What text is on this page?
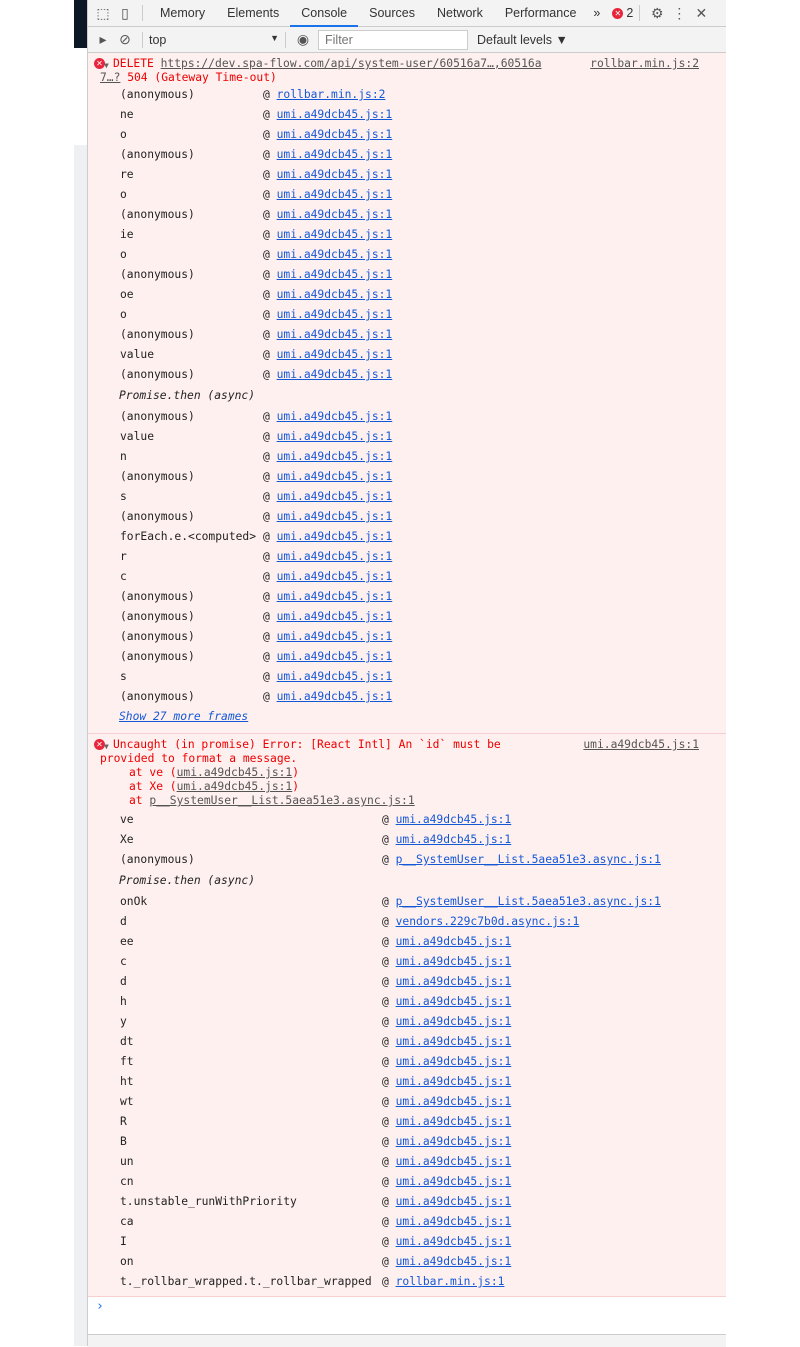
⬚ ▯	Memory	Elements	Console	Sources	Network	Performance	»	✕ 2	⚙ ⋮ ✕
▸ ⊘	top	▼	◉
Filter	Default levels ▼
✕ ▼ DELETE https://dev.spa-flow.com/api/system-user/60516a7…,60516a
7…? 504 (Gateway Time-out)
rollbar.min.js:2
(anonymous)	@ rollbar.min.js:2
ne	@ umi.a49dcb45.js:1
o	@ umi.a49dcb45.js:1
(anonymous)	@ umi.a49dcb45.js:1
re	@ umi.a49dcb45.js:1
o	@ umi.a49dcb45.js:1
(anonymous)	@ umi.a49dcb45.js:1
ie	@ umi.a49dcb45.js:1
o	@ umi.a49dcb45.js:1
(anonymous)	@ umi.a49dcb45.js:1
oe	@ umi.a49dcb45.js:1
o	@ umi.a49dcb45.js:1
(anonymous)	@ umi.a49dcb45.js:1
value	@ umi.a49dcb45.js:1
(anonymous)	@ umi.a49dcb45.js:1
Promise.then (async)
(anonymous)	@ umi.a49dcb45.js:1
value	@ umi.a49dcb45.js:1
n	@ umi.a49dcb45.js:1
(anonymous)	@ umi.a49dcb45.js:1
s	@ umi.a49dcb45.js:1
(anonymous)	@ umi.a49dcb45.js:1
forEach.e.<computed> @ umi.a49dcb45.js:1
r	@ umi.a49dcb45.js:1
c	@ umi.a49dcb45.js:1
(anonymous)	@ umi.a49dcb45.js:1
(anonymous)	@ umi.a49dcb45.js:1
(anonymous)	@ umi.a49dcb45.js:1
(anonymous)	@ umi.a49dcb45.js:1
s	@ umi.a49dcb45.js:1
(anonymous)	@ umi.a49dcb45.js:1
Show 27 more frames
✕ ▼ Uncaught (in promise) Error: [React Intl] An `id` must be
provided to format a message.
at ve (umi.a49dcb45.js:1)
at Xe (umi.a49dcb45.js:1)
at p__SystemUser__List.5aea51e3.async.js:1
umi.a49dcb45.js:1
ve	@ umi.a49dcb45.js:1
Xe	@ umi.a49dcb45.js:1
(anonymous)	@ p__SystemUser__List.5aea51e3.async.js:1
Promise.then (async)
onOk	@ p__SystemUser__List.5aea51e3.async.js:1
d	@ vendors.229c7b0d.async.js:1
ee	@ umi.a49dcb45.js:1
c	@ umi.a49dcb45.js:1
d	@ umi.a49dcb45.js:1
h	@ umi.a49dcb45.js:1
y	@ umi.a49dcb45.js:1
dt	@ umi.a49dcb45.js:1
ft	@ umi.a49dcb45.js:1
ht	@ umi.a49dcb45.js:1
wt	@ umi.a49dcb45.js:1
R	@ umi.a49dcb45.js:1
B	@ umi.a49dcb45.js:1
un	@ umi.a49dcb45.js:1
cn	@ umi.a49dcb45.js:1
t.unstable_runWithPriority	@ umi.a49dcb45.js:1
ca	@ umi.a49dcb45.js:1
I	@ umi.a49dcb45.js:1
on	@ umi.a49dcb45.js:1
t._rollbar_wrapped.t._rollbar_wrapped @ rollbar.min.js:1
›
